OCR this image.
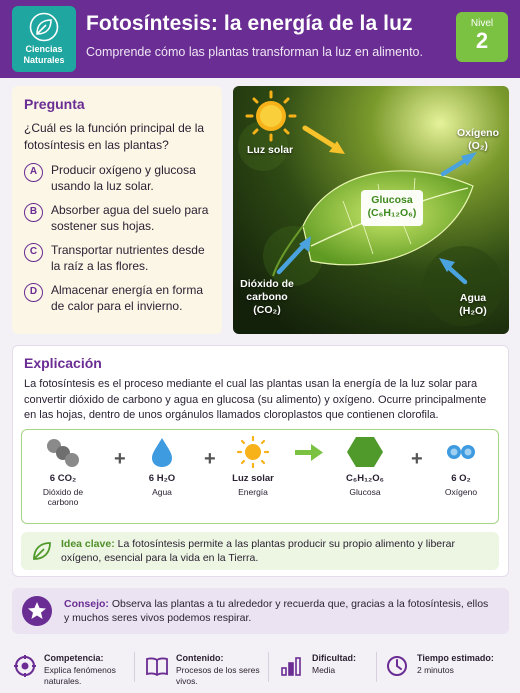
Ciencias Naturales
Fotosíntesis: la energía de la luz
Comprende cómo las plantas transforman la luz en alimento.
Nivel
2
Pregunta
¿Cuál es la función principal de la fotosíntesis en las plantas?
A	Producir oxígeno y glucosa usando la luz solar.
B	Absorber agua del suelo para sostener sus hojas.
C	Transportar nutrientes desde la raíz a las flores.
D	Almacenar energía en forma de calor para el invierno.
Luz solar
Oxígeno
(O₂)
Glucosa
(C₆H₁₂O₆)
Dióxido de carbono
(CO₂)
Agua
(H₂O)
Explicación
La fotosíntesis es el proceso mediante el cual las plantas usan la energía de la luz solar para convertir dióxido de carbono y agua en glucosa (su alimento) y oxígeno. Ocurre principalmente en las hojas, dentro de unos orgánulos llamados cloroplastos que contienen clorofila.
6 CO₂
Dióxido de carbono
+
6 H₂O
Agua
+
Luz solar
Energía
C₆H₁₂O₆
Glucosa
+
6 O₂
Oxígeno
Idea clave: La fotosíntesis permite a las plantas producir su propio alimento y liberar oxígeno, esencial para la vida en la Tierra.
Consejo: Observa las plantas a tu alrededor y recuerda que, gracias a la fotosíntesis, ellos y muchos seres vivos podemos respirar.
Competencia:
Explica fenómenos naturales.
Contenido:
Procesos de los seres vivos.
Dificultad:
Media
Tiempo estimado:
2 minutos
